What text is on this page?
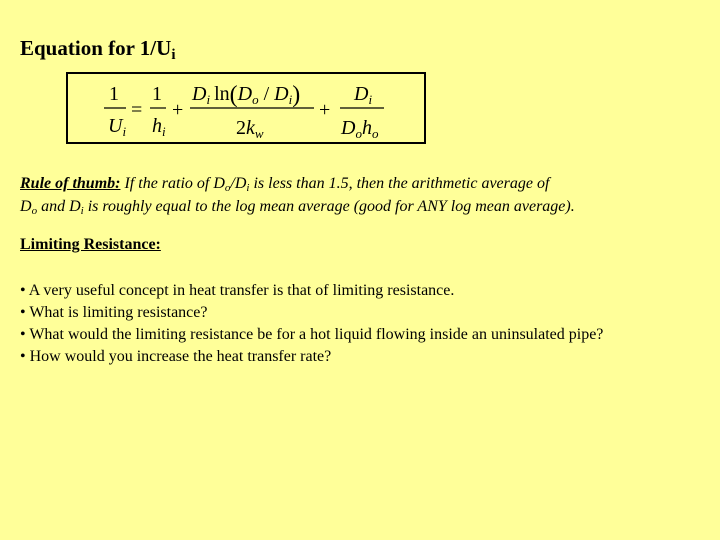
Equation for $1/U_i$
1
$U_i$
=
1
$h_i$
+
$D_i$ $\ln(D_o / D_i)$
$2k_w$
+
$D_i$
$D_oh_o$
Rule of thumb: If the ratio of $D_o/D_i$ is less than 1.5, then the arithmetic average of
$D_o$ and $D_i$ is roughly equal to the log mean average (good for ANY log mean average).
Limiting Resistance:
• A very useful concept in heat transfer is that of limiting resistance.
• What is limiting resistance?
• What would the limiting resistance be for a hot liquid flowing inside an uninsulated pipe?
• How would you increase the heat transfer rate?
